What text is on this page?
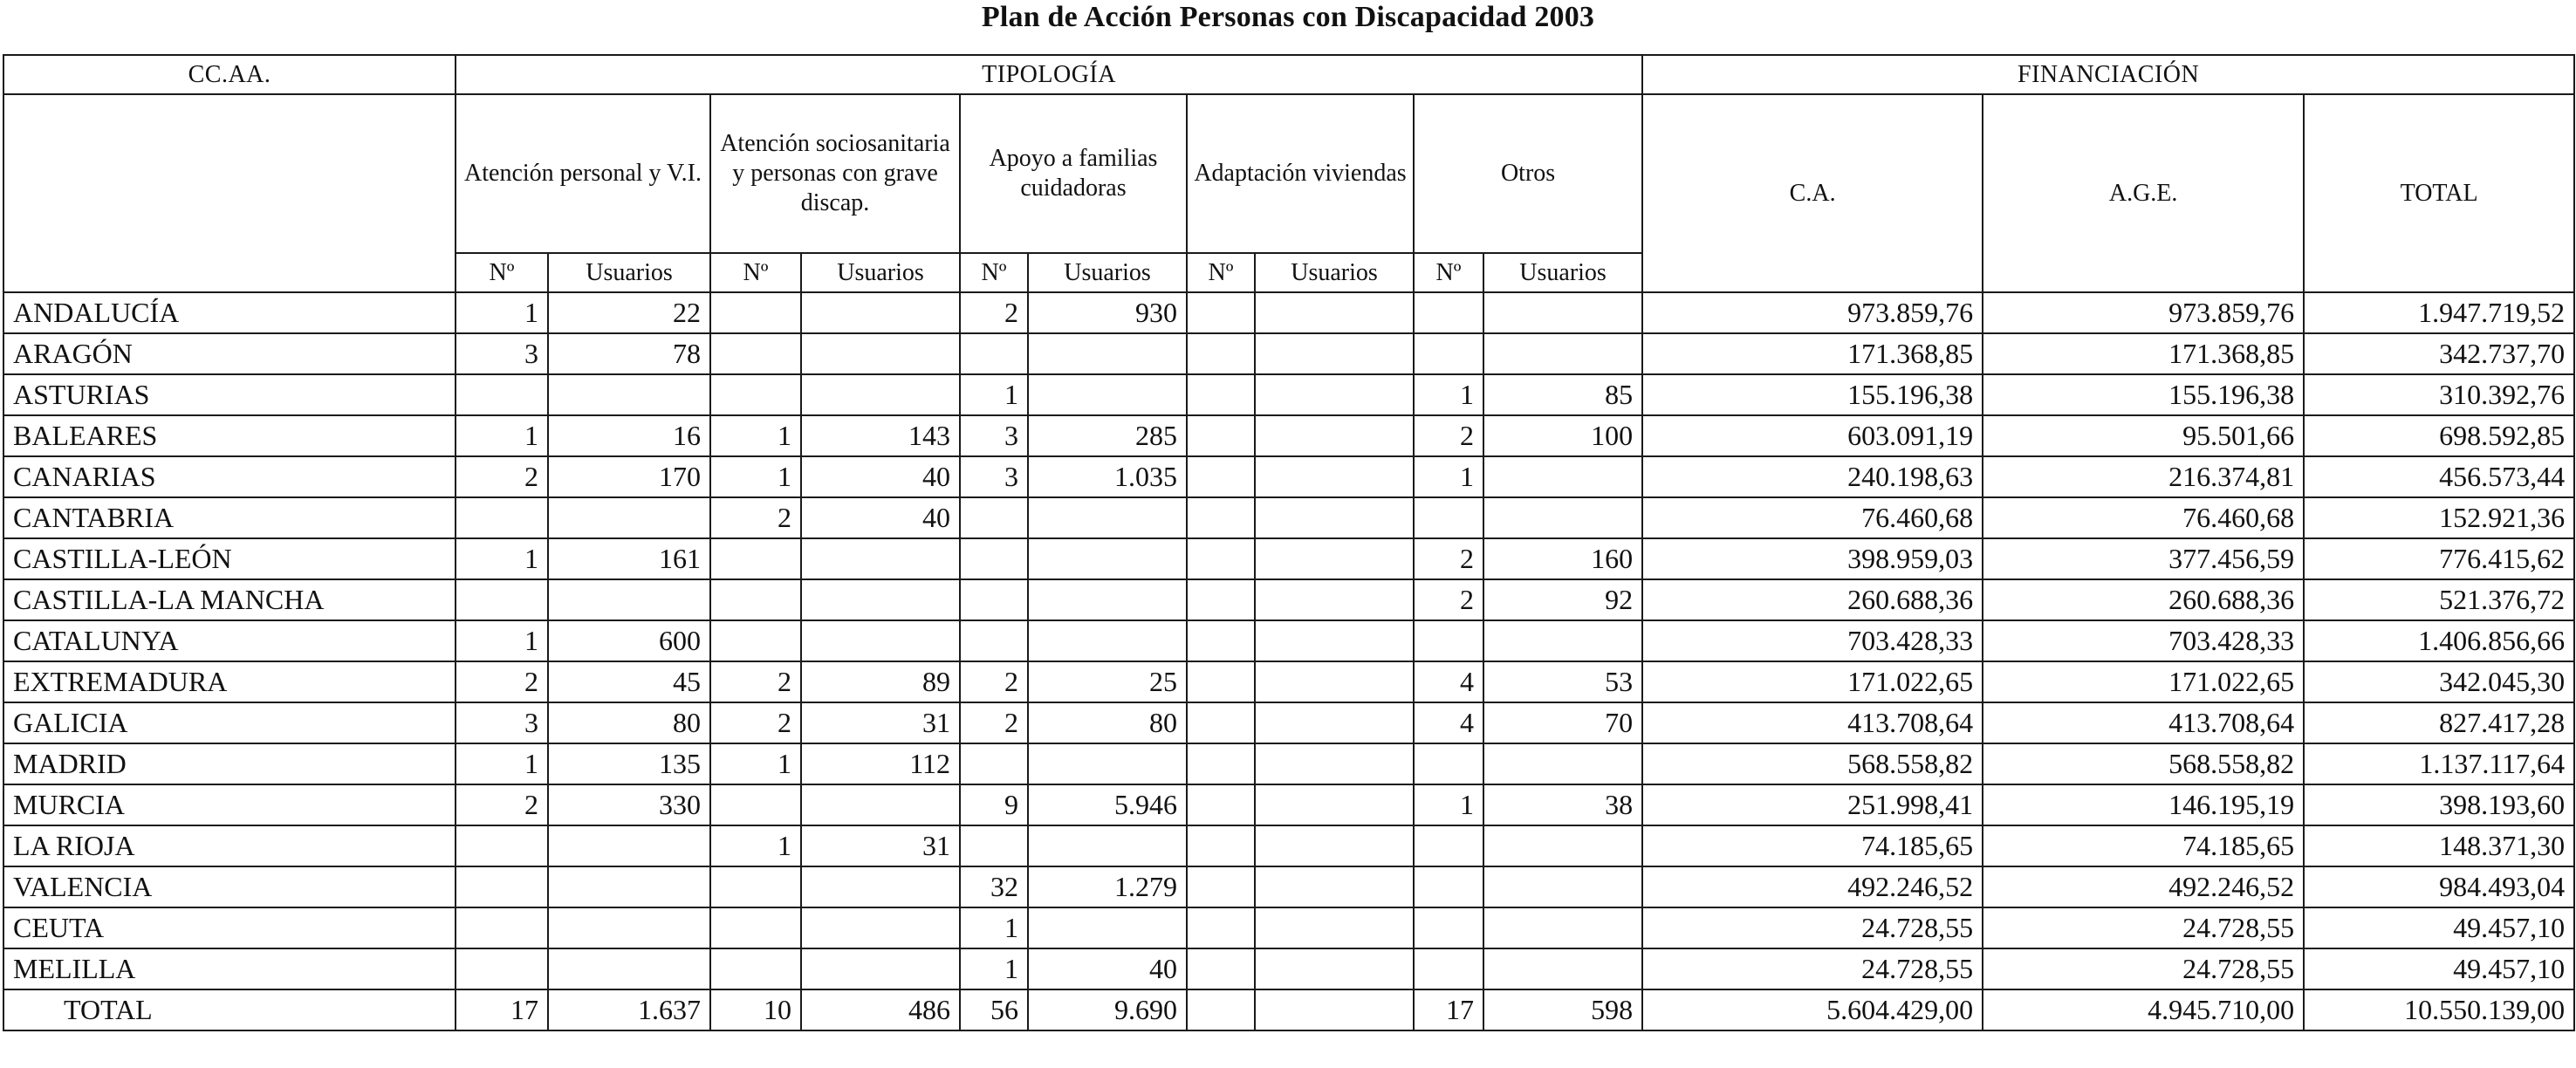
Plan de Acción Personas con Discapacidad 2003
CC.AA.	TIPOLOGÍA										FINANCIACIÓN		
	Atención personal y V.I.		Atención sociosanitaria y personas con grave discap.		Apoyo a familias cuidadoras		Adaptación viviendas		Otros		C.A.	A.G.E.	TOTAL
	Nº	Usuarios	Nº	Usuarios	Nº	Usuarios	Nº	Usuarios	Nº	Usuarios			
ANDALUCÍA	1	22			2	930					973.859,76	973.859,76	1.947.719,52
ARAGÓN	3	78									171.368,85	171.368,85	342.737,70
ASTURIAS					1				1	85	155.196,38	155.196,38	310.392,76
BALEARES	1	16	1	143	3	285			2	100	603.091,19	95.501,66	698.592,85
CANARIAS	2	170	1	40	3	1.035			1		240.198,63	216.374,81	456.573,44
CANTABRIA			2	40							76.460,68	76.460,68	152.921,36
CASTILLA-LEÓN	1	161							2	160	398.959,03	377.456,59	776.415,62
CASTILLA-LA MANCHA									2	92	260.688,36	260.688,36	521.376,72
CATALUNYA	1	600									703.428,33	703.428,33	1.406.856,66
EXTREMADURA	2	45	2	89	2	25			4	53	171.022,65	171.022,65	342.045,30
GALICIA	3	80	2	31	2	80			4	70	413.708,64	413.708,64	827.417,28
MADRID	1	135	1	112							568.558,82	568.558,82	1.137.117,64
MURCIA	2	330			9	5.946			1	38	251.998,41	146.195,19	398.193,60
LA RIOJA			1	31							74.185,65	74.185,65	148.371,30
VALENCIA					32	1.279					492.246,52	492.246,52	984.493,04
CEUTA					1						24.728,55	24.728,55	49.457,10
MELILLA					1	40					24.728,55	24.728,55	49.457,10
TOTAL	17	1.637	10	486	56	9.690			17	598	5.604.429,00	4.945.710,00	10.550.139,00
